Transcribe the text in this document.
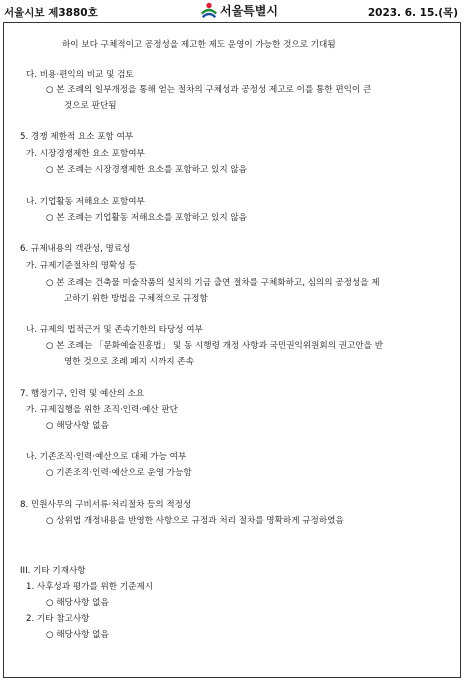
서울시보 제3880호	서울특별시	2023. 6. 15.(목)
하이 보다 구체적이고 공정성을 제고한 제도 운영이 가능한 것으로 기대됨
다. 비용·편익의 비교 및 검토
○ 본 조례의 일부개정을 통해 얻는 절차의 구체성과 공정성 제고로 이를 통한 편익이 큰
것으로 판단됨
5. 경쟁 제한적 요소 포함 여부
가. 시장경쟁제한 요소 포함여부
○ 본 조례는 시장경쟁제한 요소를 포함하고 있지 않음
나. 기업활동 저해요소 포함여부
○ 본 조례는 기업활동 저해요소를 포함하고 있지 않음
6. 규제내용의 객관성, 명료성
가. 규제기준절차의 명확성 등
○ 본 조례는 건축물 미술작품의 설치의 기금 출연 절차를 구체화하고, 심의의 공정성을 제
고하기 위한 방법을 구체적으로 규정함
나. 규제의 법적근거 및 존속기한의 타당성 여부
○ 본 조례는 「문화예술진흥법」 및 동 시행령 개정 사항과 국민권익위원회의 권고안을 반
영한 것으로 조례 폐지 시까지 존속
7. 행정기구, 인력 및 예산의 소요
가. 규제집행을 위한 조직·인력·예산 판단
○ 해당사항 없음
나. 기존조직·인력·예산으로 대체 가능 여부
○ 기존조직·인력·예산으로 운영 가능함
8. 민원사무의 구비서류·처리절차 등의 적정성
○ 상위법 개정내용을 반영한 사항으로 규정과 처리 절차를 명확하게 규정하였음
III. 기타 기재사항
1. 사후성과 평가를 위한 기준제시
○ 해당사항 없음
2. 기타 참고사항
○ 해당사항 없음
